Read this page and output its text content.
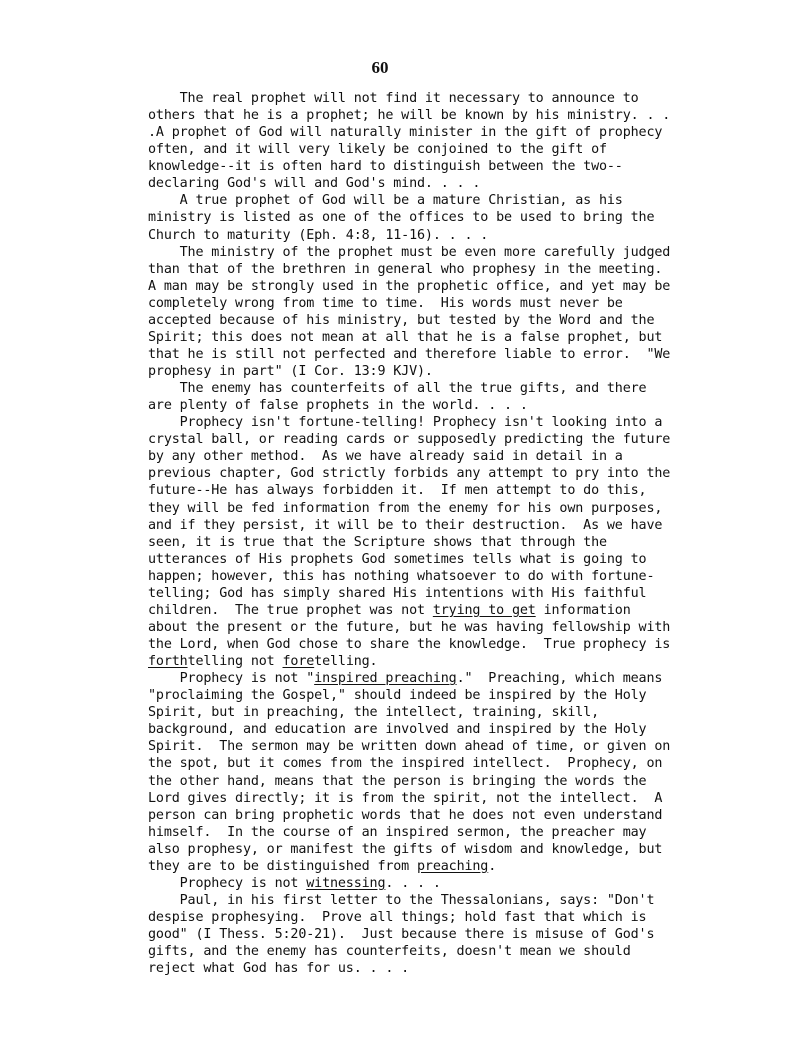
60
The real prophet will not find it necessary to announce to
others that he is a prophet; he will be known by his ministry. . .
.A prophet of God will naturally minister in the gift of prophecy
often, and it will very likely be conjoined to the gift of
knowledge--it is often hard to distinguish between the two--
declaring God's will and God's mind. . . .
A true prophet of God will be a mature Christian, as his
ministry is listed as one of the offices to be used to bring the
Church to maturity (Eph. 4:8, 11-16). . . .
The ministry of the prophet must be even more carefully judged
than that of the brethren in general who prophesy in the meeting.
A man may be strongly used in the prophetic office, and yet may be
completely wrong from time to time.  His words must never be
accepted because of his ministry, but tested by the Word and the
Spirit; this does not mean at all that he is a false prophet, but
that he is still not perfected and therefore liable to error.  "We
prophesy in part" (I Cor. 13:9 KJV).
The enemy has counterfeits of all the true gifts, and there
are plenty of false prophets in the world. . . .
Prophecy isn't fortune-telling! Prophecy isn't looking into a
crystal ball, or reading cards or supposedly predicting the future
by any other method.  As we have already said in detail in a
previous chapter, God strictly forbids any attempt to pry into the
future--He has always forbidden it.  If men attempt to do this,
they will be fed information from the enemy for his own purposes,
and if they persist, it will be to their destruction.  As we have
seen, it is true that the Scripture shows that through the
utterances of His prophets God sometimes tells what is going to
happen; however, this has nothing whatsoever to do with fortune-
telling; God has simply shared His intentions with His faithful
children.  The true prophet was not trying to get information
about the present or the future, but he was having fellowship with
the Lord, when God chose to share the knowledge.  True prophecy is
forthtelling not foretelling.
Prophecy is not "inspired preaching."  Preaching, which means
"proclaiming the Gospel," should indeed be inspired by the Holy
Spirit, but in preaching, the intellect, training, skill,
background, and education are involved and inspired by the Holy
Spirit.  The sermon may be written down ahead of time, or given on
the spot, but it comes from the inspired intellect.  Prophecy, on
the other hand, means that the person is bringing the words the
Lord gives directly; it is from the spirit, not the intellect.  A
person can bring prophetic words that he does not even understand
himself.  In the course of an inspired sermon, the preacher may
also prophesy, or manifest the gifts of wisdom and knowledge, but
they are to be distinguished from preaching.
Prophecy is not witnessing. . . .
Paul, in his first letter to the Thessalonians, says: "Don't
despise prophesying.  Prove all things; hold fast that which is
good" (I Thess. 5:20-21).  Just because there is misuse of God's
gifts, and the enemy has counterfeits, doesn't mean we should
reject what God has for us. . . .
